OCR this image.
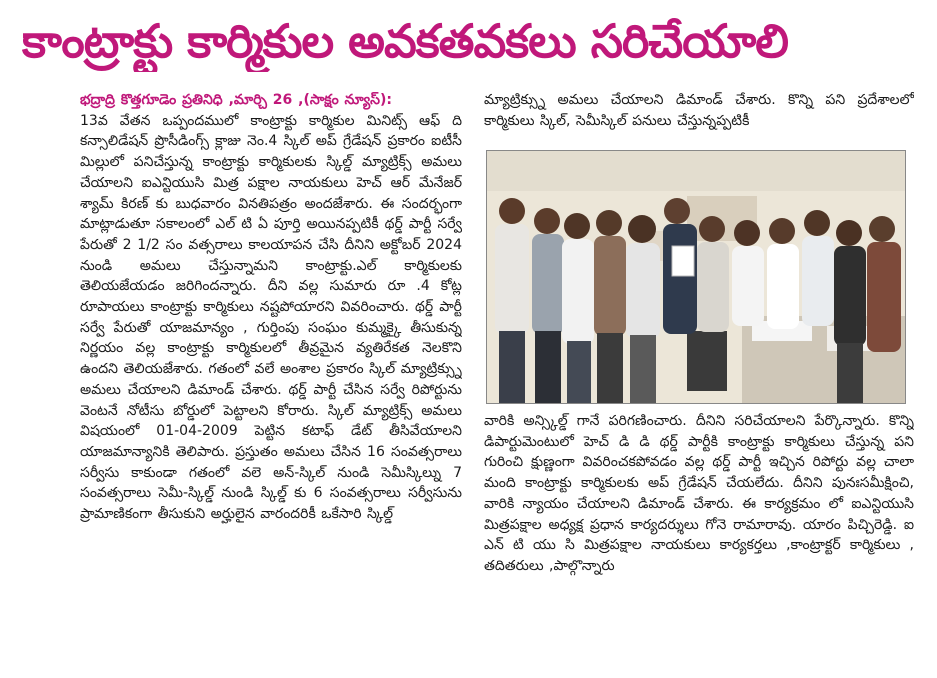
కాంట్రాక్టు కార్మికుల అవకతవకలు సరిచేయాలి

భద్రాద్రి కొత్తగూడెం ప్రతినిధి ,మార్చి 26 ,(సాక్షం న్యూస్):

13వ వేతన ఒప్పందములో కాంట్రాక్టు కార్మికుల మినిట్స్ ఆఫ్ ది కన్సాలిడేషన్ ప్రొసీడింగ్స్ క్లాజు నెం.4 స్కిల్ అప్ గ్రేడేషన్ ప్రకారం ఐటీసీ మిల్లులో పనిచేస్తున్న కాంట్రాక్టు కార్మికులకు స్కిల్డ్ మ్యాట్రిక్స్ అమలు చేయాలని ఐఎన్టియుసి మిత్ర పక్షాల నాయకులు హెచ్ ఆర్ మేనేజర్ శ్యామ్ కిరణ్ కు బుధవారం వినతిపత్రం అందజేశారు. ఈ సందర్భంగా మాట్లాడుతూ సకాలంలో ఎల్ టి ఏ పూర్తి అయినప్పటికీ థర్డ్ పార్టీ సర్వే పేరుతో 2 1/2 సం వత్సరాలు కాలయాపన చేసి దీనిని అక్టోబర్ 2024 నుండి అమలు చేస్తున్నామని కాంట్రాక్టు.ఎల్ కార్మికులకు తెలియజేయడం జరిగిందన్నారు. దీని వల్ల సుమారు రూ .4 కోట్ల రూపాయలు కాంట్రాక్టు కార్మికులు నష్టపోయారని వివరించారు. థర్డ్ పార్టీ సర్వే పేరుతో యాజమాన్యం , గుర్తింపు సంఘం కుమ్మక్కై తీసుకున్న నిర్ణయం వల్ల కాంట్రాక్టు కార్మికులలో తీవ్రమైన వ్యతిరేకత నెలకొని ఉందని తెలియజేశారు. గతంలో వలే అంశాల ప్రకారం స్కిల్ మ్యాట్రిక్స్ను అమలు చేయాలని డిమాండ్ చేశారు. థర్డ్ పార్టీ చేసిన సర్వే రిపోర్టును వెంటనే నోటీసు బోర్డులో పెట్టాలని కోరారు. స్కిల్ మ్యాట్రిక్స్ అమలు విషయంలో 01-04-2009 పెట్టిన కటాఫ్ డేట్ తీసివేయాలని యాజమాన్యానికి తెలిపారు. ప్రస్తుతం అమలు చేసిన 16 సంవత్సరాలు సర్వీసు కాకుండా గతంలో వలె అన్-స్కిల్ నుండి సెమీస్కిల్ను 7 సంవత్సరాలు సెమీ-స్కిల్డ్ నుండి స్కిల్డ్ కు 6 సంవత్సరాలు సర్వీసును ప్రామాణికంగా తీసుకుని అర్హులైన వారందరికీ ఒకేసారి స్కిల్డ్

మ్యాట్రిక్స్ను అమలు చేయాలని డిమాండ్ చేశారు. కొన్ని పని ప్రదేశాలలో కార్మికులు స్కిల్, సెమీస్కిల్ పనులు చేస్తున్నప్పటికీ

వారికి అన్స్కిల్డ్ గానే పరిగణించారు. దీనిని సరిచేయాలని పేర్కొన్నారు. కొన్ని డిపార్టుమెంటులో హెచ్ డి డి థర్డ్ పార్టీకి కాంట్రాక్టు కార్మికులు చేస్తున్న పని గురించి క్షుణ్ణంగా వివరించకపోవడం వల్ల థర్డ్ పార్టీ ఇచ్చిన రిపోర్టు వల్ల చాలా మంది కాంట్రాక్టు కార్మికులకు అప్ గ్రేడేషన్ చేయలేదు. దీనిని పునఃసమీక్షించి, వారికి న్యాయం చేయాలని డిమాండ్ చేశారు. ఈ కార్యక్రమం లో ఐఎన్టియుసి మిత్రపక్షాల అధ్యక్ష ప్రధాన కార్యదర్శులు గోనె రామారావు. యారం పిచ్చిరెడ్డి. ఐ ఎన్ టి యు సి మిత్రపక్షాల నాయకులు కార్యకర్తలు ,కాంట్రాక్టర్ కార్మికులు , తదితరులు ,పాల్గొన్నారు
